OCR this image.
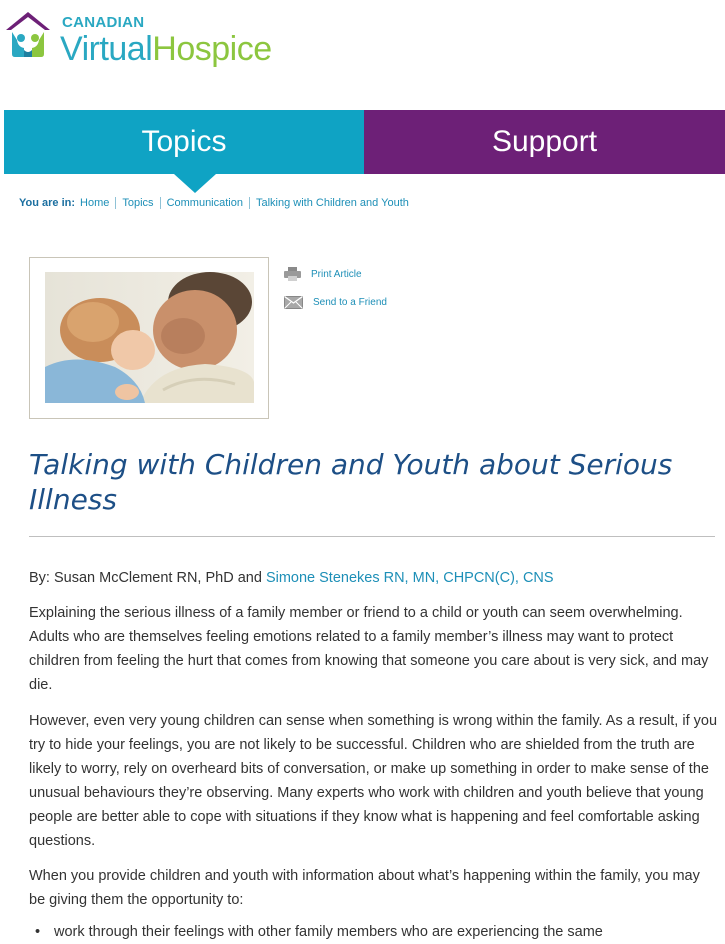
CANADIAN
VirtualHospice
Topics	Support
You are in: Home	Topics	Communication	Talking with Children and Youth
Print Article
Send to a Friend
Talking with Children and Youth about Serious Illness
By: Susan McClement RN, PhD and Simone Stenekes RN, MN, CHPCN(C), CNS

Explaining the serious illness of a family member or friend to a child or youth can seem overwhelming. Adults who are themselves feeling emotions related to a family member’s illness may want to protect children from feeling the hurt that comes from knowing that someone you care about is very sick, and may die.

However, even very young children can sense when something is wrong within the family. As a result, if you try to hide your feelings, you are not likely to be successful. Children who are shielded from the truth are likely to worry, rely on overheard bits of conversation, or make up something in order to make sense of the unusual behaviours they’re observing. Many experts who work with children and youth believe that young people are better able to cope with situations if they know what is happening and feel comfortable asking questions.

When you provide children and youth with information about what’s happening within the family, you may be giving them the opportunity to:

• work through their feelings with other family members who are experiencing the same
